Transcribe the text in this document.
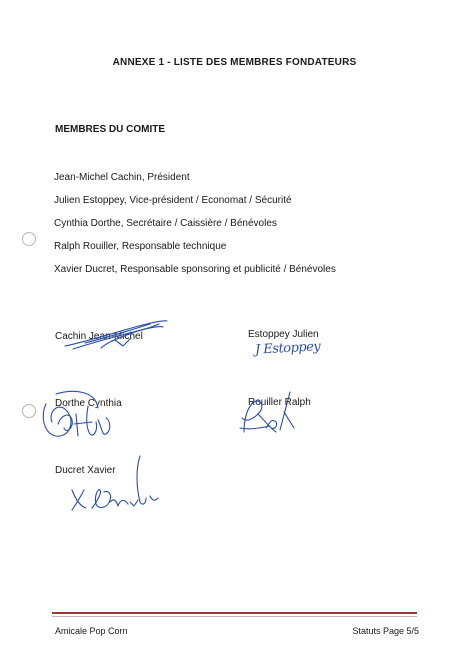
ANNEXE 1 - LISTE DES MEMBRES FONDATEURS
MEMBRES DU COMITE
Jean-Michel Cachin, Président
Julien Estoppey, Vice-président / Economat / Sécurité
Cynthia Dorthe, Secrétaire / Caissière / Bénévoles
Ralph Rouiller, Responsable technique
Xavier Ducret, Responsable sponsoring et publicité / Bénévoles
Cachin Jean-Michel	Estoppey Julien
J Estoppey
Dorthe Cynthia	Rouiller Ralph
Ducret Xavier
Amicale Pop Corn	Statuts Page 5/5
